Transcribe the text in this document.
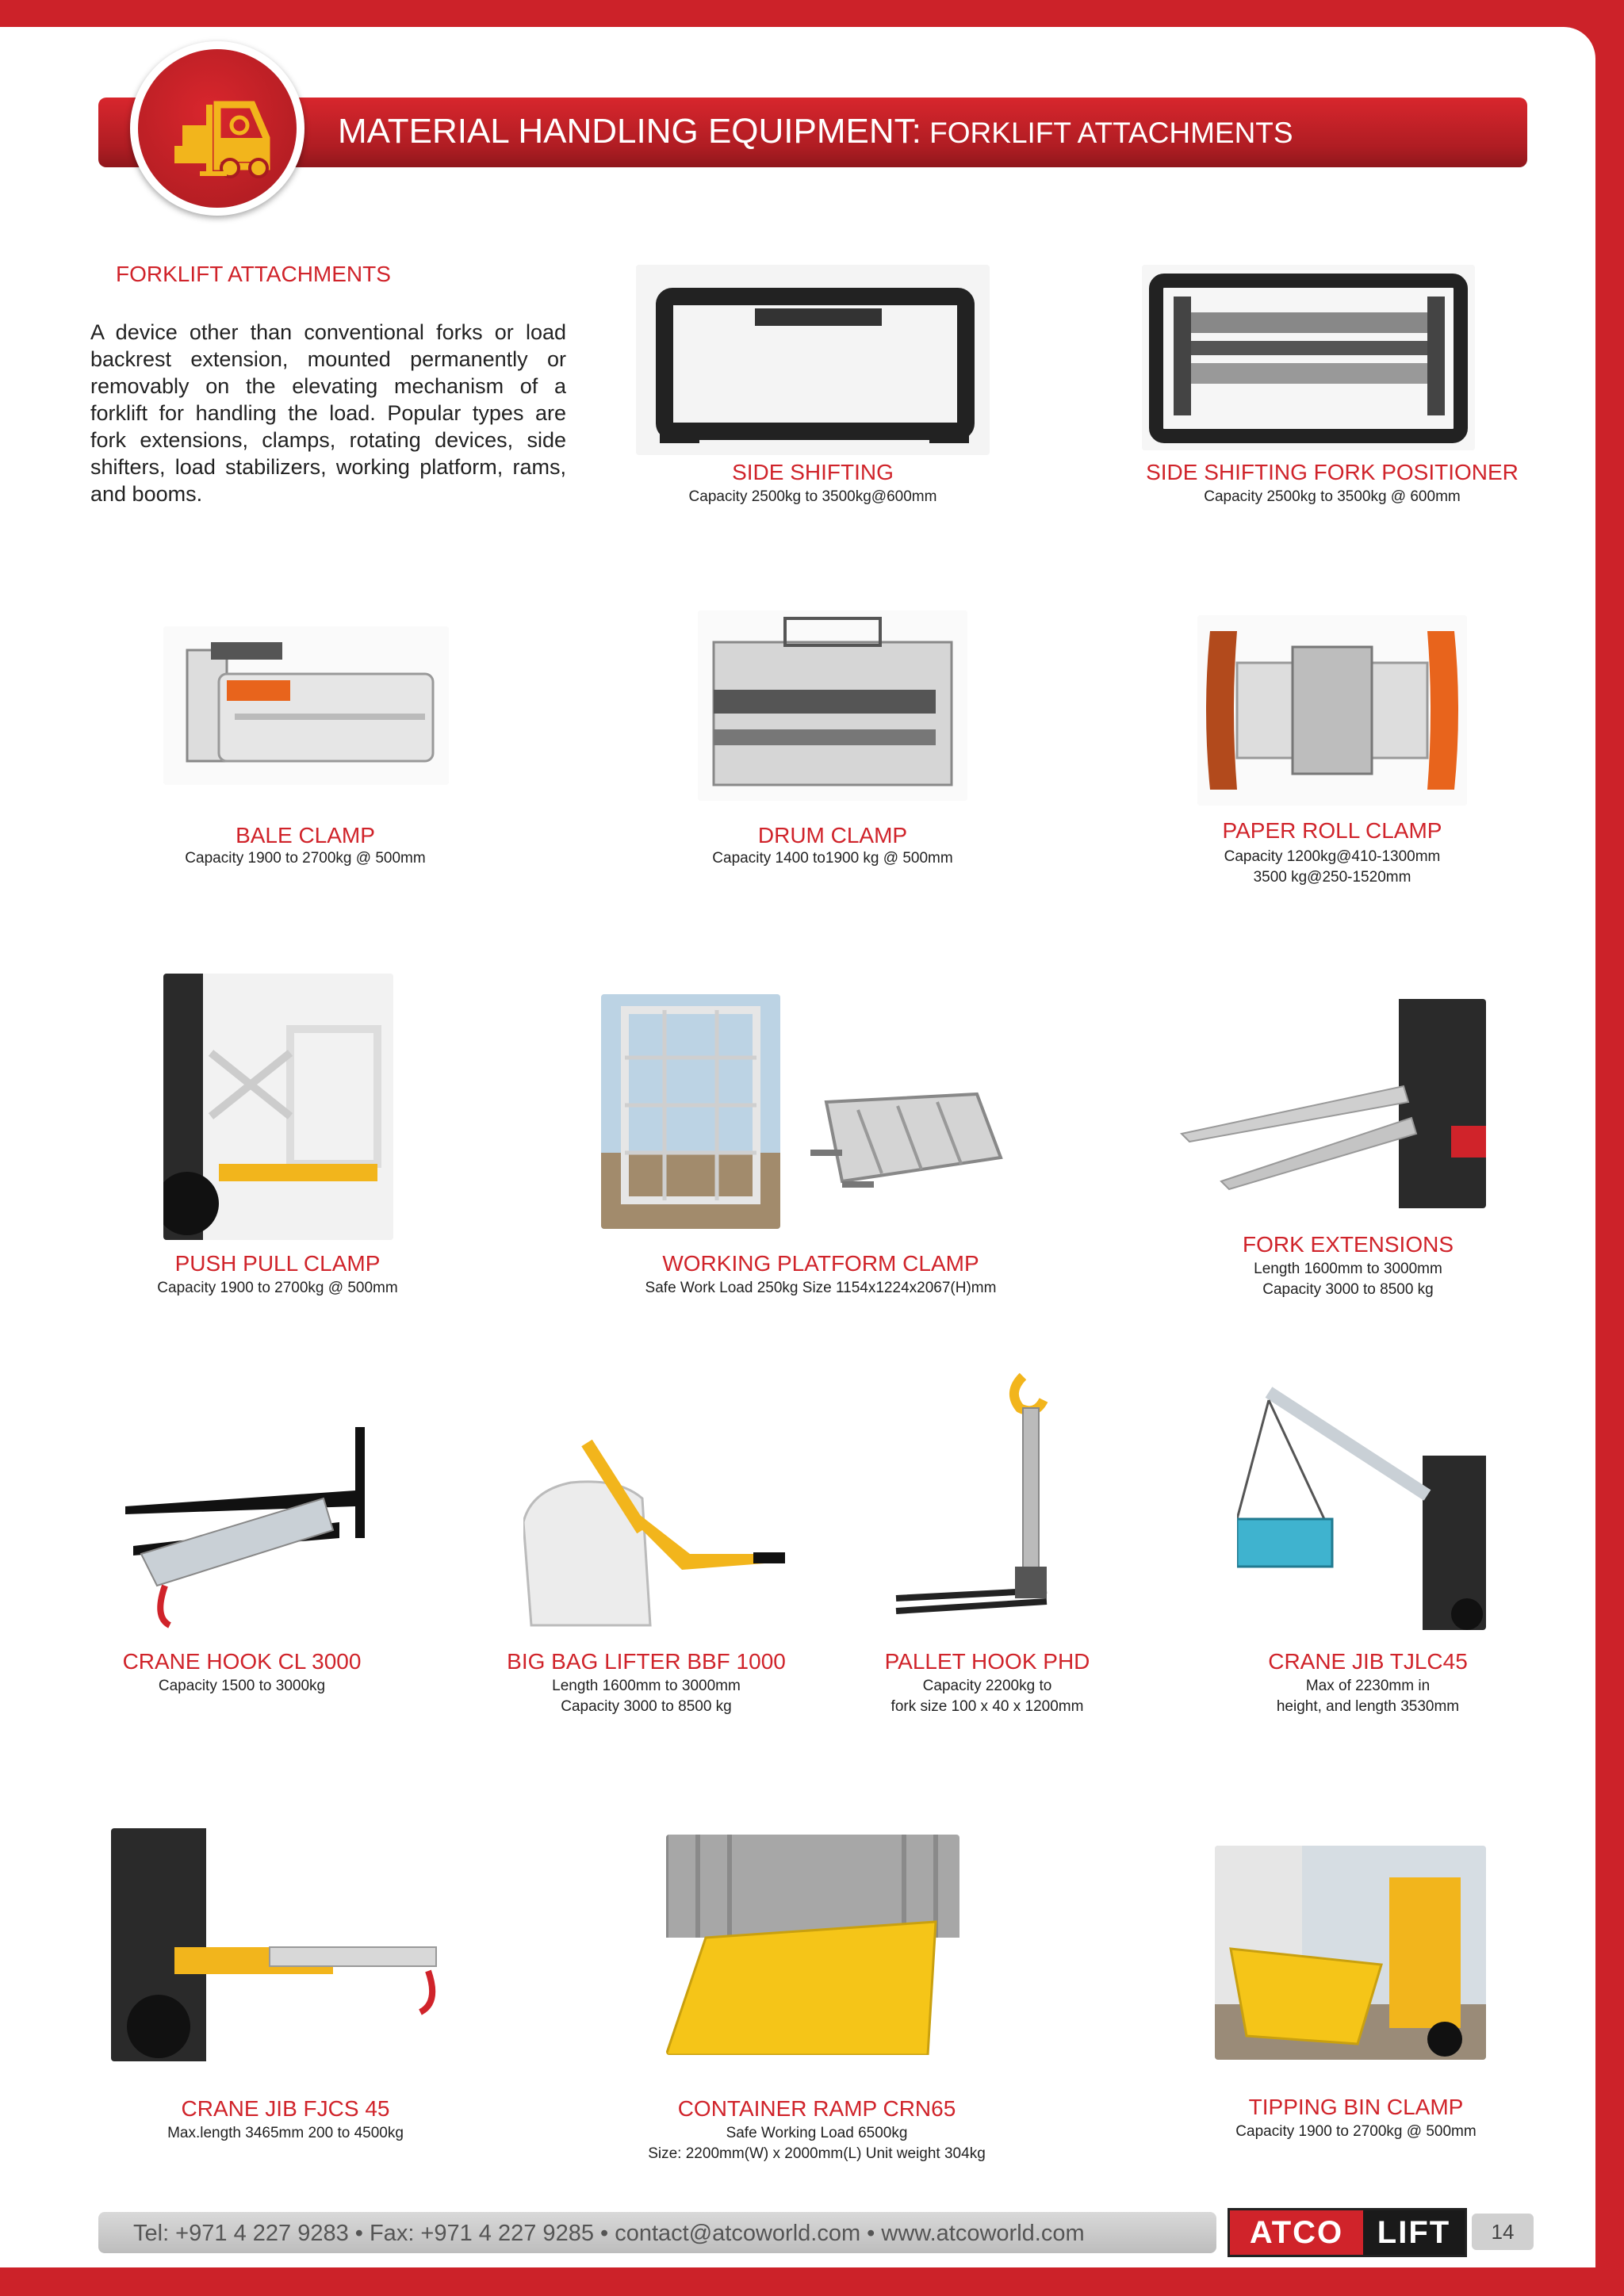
MATERIAL HANDLING EQUIPMENT: FORKLIFT ATTACHMENTS
FORKLIFT ATTACHMENTS
A device other than conventional forks or load backrest extension, mounted permanently or removably on the elevating mechanism of a forklift for handling the load. Popular types are fork extensions, clamps, rotating devices, side shifters, load stabilizers, working platform, rams, and booms.
SIDE SHIFTING
Capacity 2500kg to 3500kg@600mm
SIDE SHIFTING FORK POSITIONER
Capacity 2500kg to 3500kg @ 600mm
BALE CLAMP
Capacity 1900 to 2700kg @ 500mm
DRUM CLAMP
Capacity 1400 to1900 kg @ 500mm
PAPER ROLL CLAMP
Capacity 1200kg@410-1300mm
3500 kg@250-1520mm
PUSH PULL CLAMP
Capacity 1900 to 2700kg @ 500mm
WORKING PLATFORM CLAMP
Safe Work Load 250kg Size 1154x1224x2067(H)mm
FORK EXTENSIONS
Length 1600mm to 3000mm
Capacity 3000 to 8500 kg
CRANE HOOK CL 3000
Capacity 1500 to 3000kg
BIG BAG LIFTER BBF 1000
Length 1600mm to 3000mm
Capacity 3000 to 8500 kg
PALLET HOOK PHD
Capacity 2200kg to
fork size 100 x 40 x 1200mm
CRANE JIB TJLC45
Max of 2230mm in
height, and length 3530mm
CRANE JIB FJCS 45
Max.length 3465mm 200 to 4500kg
CONTAINER RAMP CRN65
Safe Working Load 6500kg
Size: 2200mm(W) x 2000mm(L) Unit weight 304kg
TIPPING BIN CLAMP
Capacity 1900 to 2700kg @ 500mm
Tel: +971 4 227 9283 • Fax: +971 4 227 9285 • contact@atcoworld.com • www.atcoworld.com	ATCO	LIFT	14
